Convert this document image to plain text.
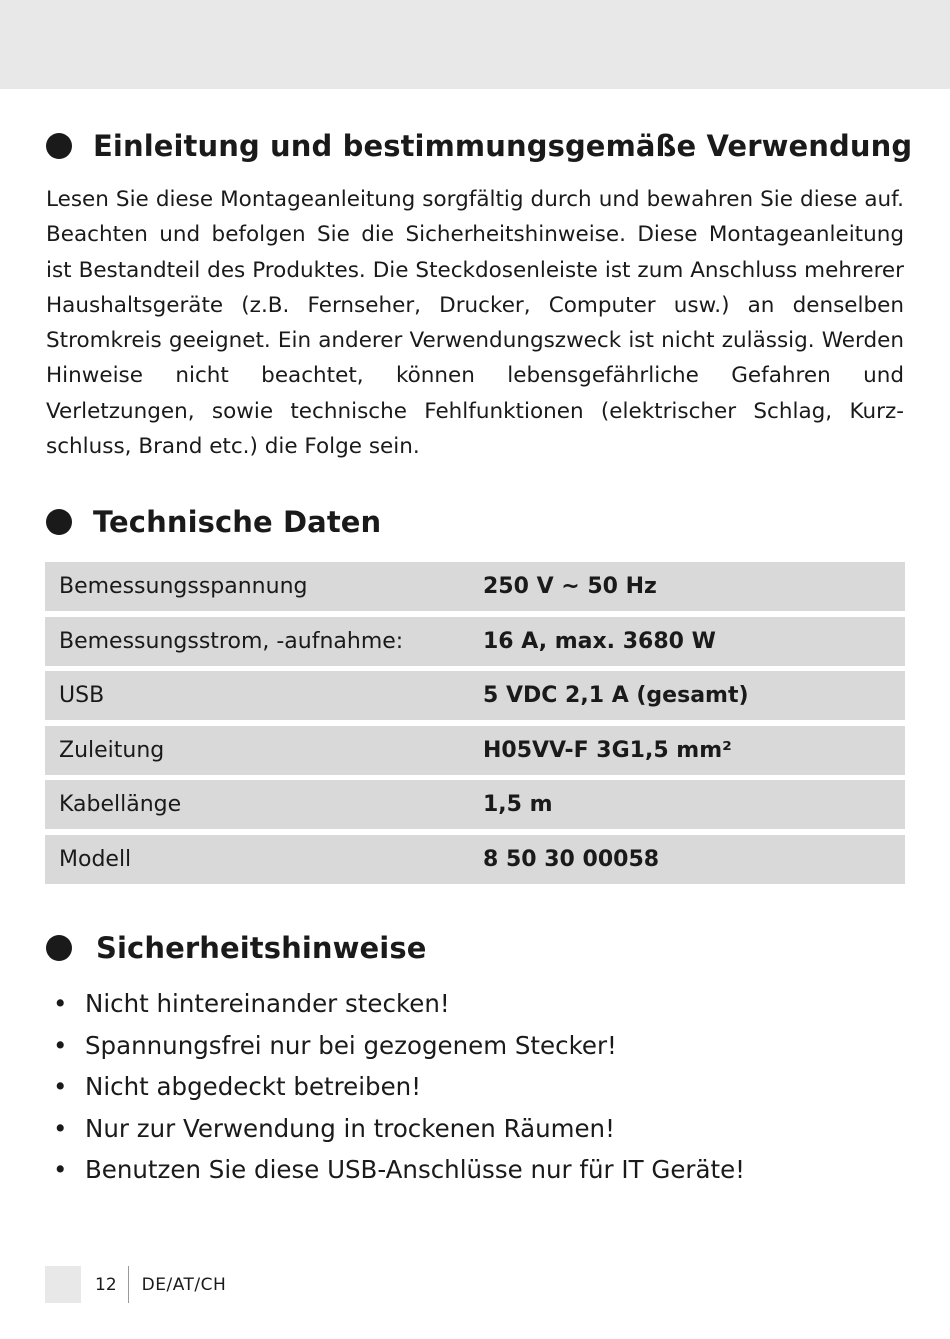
Einleitung und bestimmungsgemäße Verwendung

Lesen Sie diese Montageanleitung sorgfältig durch und bewahren Sie diese auf. Beachten und befolgen Sie die Sicherheitshinweise. Diese Montageanleitung ist Bestandteil des Produktes. Die Steckdosenleiste ist zum Anschluss mehrerer Haushaltsgeräte (z.B. Fernseher, Drucker, Computer usw.) an denselben Stromkreis geeignet. Ein anderer Verwendungszweck ist nicht zulässig. Werden Hinweise nicht beachtet, können lebensgefährliche Gefahren und Verletzungen, sowie technische Fehlfunktionen (elektrischer Schlag, Kurzschluss, Brand etc.) die Folge sein.

Technische Daten
Bemessungsspannung	250 V ~ 50 Hz
Bemessungsstrom, -aufnahme:	16 A, max. 3680 W
USB	5 VDC 2,1 A (gesamt)
Zuleitung	H05VV-F 3G1,5 mm²
Kabellänge	1,5 m
Modell	8 50 30 00058
Sicherheitshinweise
• Nicht hintereinander stecken!
• Spannungsfrei nur bei gezogenem Stecker!
• Nicht abgedeckt betreiben!
• Nur zur Verwendung in trockenen Räumen!
• Benutzen Sie diese USB-Anschlüsse nur für IT Geräte!
12 DE/AT/CH
